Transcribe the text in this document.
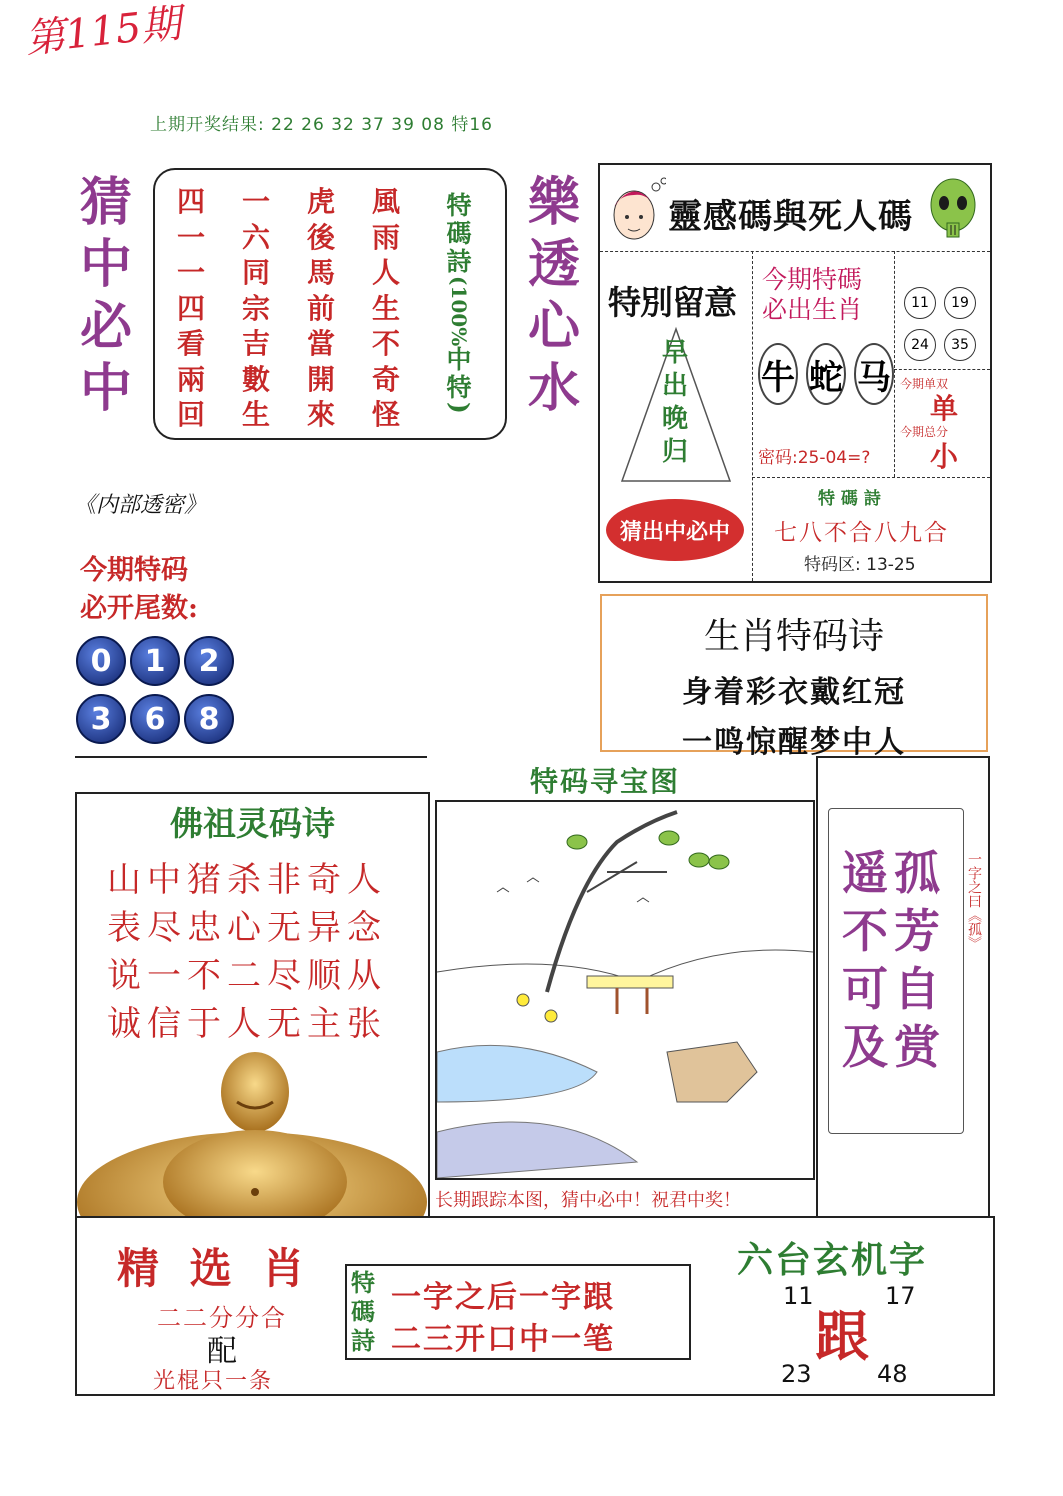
第115期
上期开奖结果: 22 26 32 37 39 08 特16
猜
中
必
中
四
一
一
四
看
兩
回
一
六
同
宗
吉
數
生
虎
後
馬
前
當
開
來
風
雨
人
生
不
奇
怪
特
碼
詩
(100%
中
特
)
樂
透
心
水
靈感碼與死人碼
特別留意
早
出
晚
归
猜出中必中
今期特碼
必出生肖
牛 蛇 马
密码:25-04=?
11	19
24	35
今期单双
单
今期总分
小
特 碼 詩
七八不合八九合
特码区: 13-25
《内部透密》
今期特码
必开尾数:
0	1	2
3	6	8
生肖特码诗
身着彩衣戴红冠
一鸣惊醒梦中人
佛祖灵码诗
山中猪杀非奇人
表尽忠心无异念
说一不二尽顺从
诚信于人无主张
特码寻宝图
长期跟踪本图，猜中必中！祝君中奖！
遥
不
可
及
孤
芳
自
赏
一字之曰《孤》
精 选 肖
二二分分合
配
光棍只一条
特
碼
詩
一字之后一字跟
二三开口中一笔
六台玄机字
11	17
跟
23	48
